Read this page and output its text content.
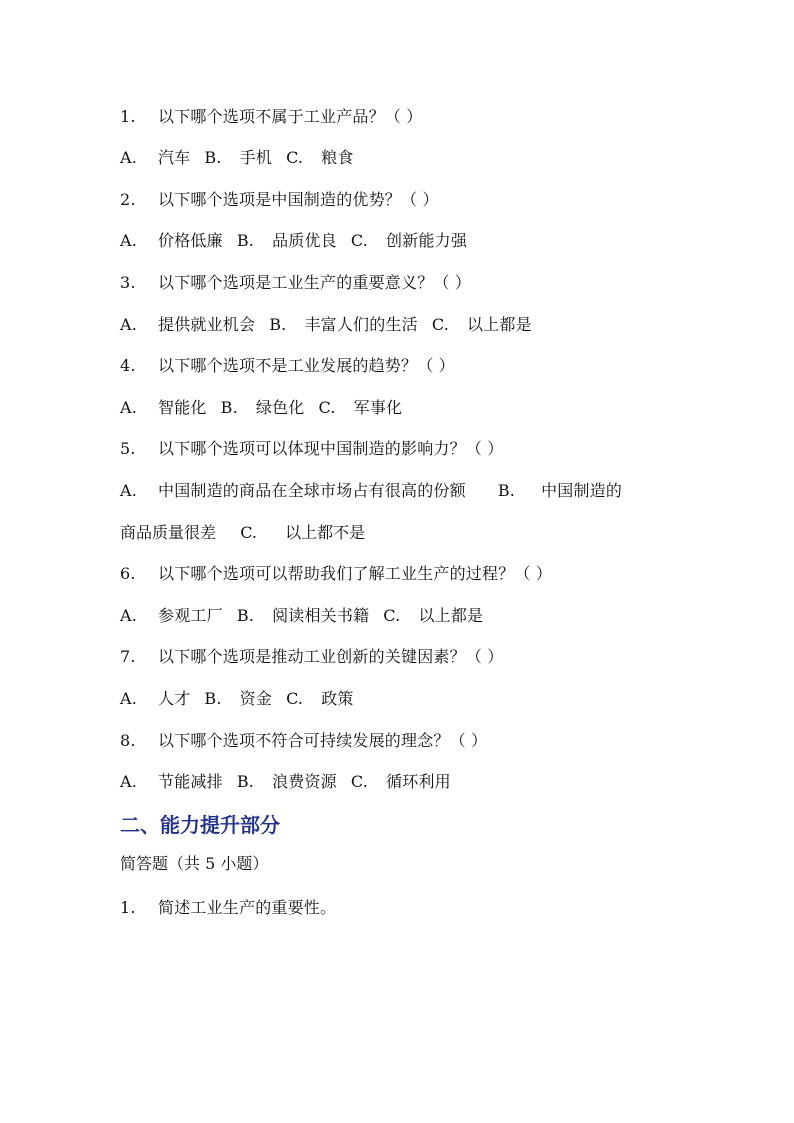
1.	以下哪个选项不属于工业产品？（ ）
A.	汽车 B. 手机 C. 粮食
2.	以下哪个选项是中国制造的优势？（ ）
A.	价格低廉 B. 品质优良 C. 创新能力强
3.	以下哪个选项是工业生产的重要意义？（ ）
A.	提供就业机会 B. 丰富人们的生活 C. 以上都是
4.	以下哪个选项不是工业发展的趋势？（ ）
A.	智能化 B. 绿色化 C. 军事化
5.	以下哪个选项可以体现中国制造的影响力？（ ）
A.	中国制造的商品在全球市场占有很高的份额 B. 中国制造的
商品质量很差 C. 以上都不是
6.	以下哪个选项可以帮助我们了解工业生产的过程？（ ）
A.	参观工厂 B. 阅读相关书籍 C. 以上都是
7.	以下哪个选项是推动工业创新的关键因素？（ ）
A.	人才 B. 资金 C. 政策
8.	以下哪个选项不符合可持续发展的理念？（ ）
A.	节能减排 B. 浪费资源 C. 循环利用
二、能力提升部分
简答题（共 5 小题）
1.	简述工业生产的重要性。
